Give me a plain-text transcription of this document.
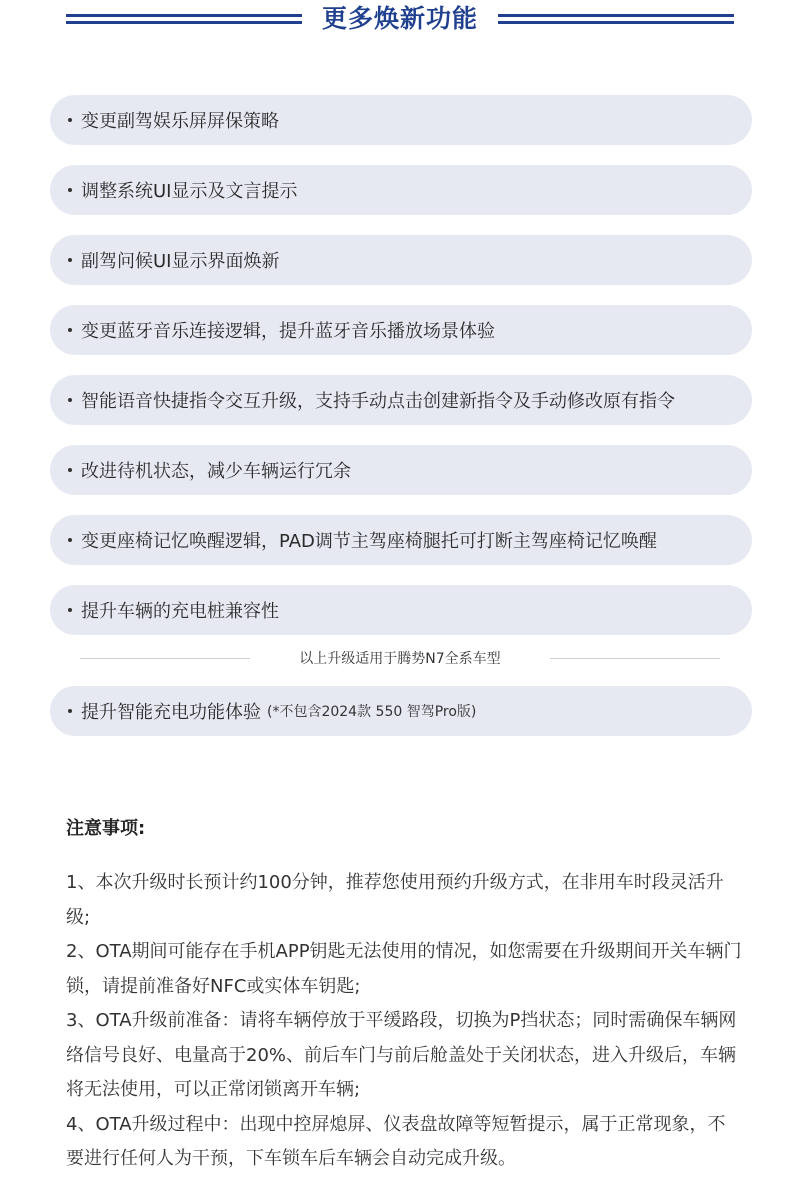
更多焕新功能
变更副驾娱乐屏屏保策略
调整系统UI显示及文言提示
副驾问候UI显示界面焕新
变更蓝牙音乐连接逻辑，提升蓝牙音乐播放场景体验
智能语音快捷指令交互升级，支持手动点击创建新指令及手动修改原有指令
改进待机状态，减少车辆运行冗余
变更座椅记忆唤醒逻辑，PAD调节主驾座椅腿托可打断主驾座椅记忆唤醒
提升车辆的充电桩兼容性
以上升级适用于腾势N7全系车型
提升智能充电功能体验 (*不包含2024款 550 智驾Pro版)
注意事项:

1、本次升级时长预计约100分钟，推荐您使用预约升级方式，在非用车时段灵活升级;

2、OTA期间可能存在手机APP钥匙无法使用的情况，如您需要在升级期间开关车辆门锁，请提前准备好NFC或实体车钥匙;

3、OTA升级前准备：请将车辆停放于平缓路段，切换为P挡状态；同时需确保车辆网络信号良好、电量高于20%、前后车门与前后舱盖处于关闭状态，进入升级后，车辆将无法使用，可以正常闭锁离开车辆;

4、OTA升级过程中：出现中控屏熄屏、仪表盘故障等短暂提示，属于正常现象，不要进行任何人为干预，下车锁车后车辆会自动完成升级。
